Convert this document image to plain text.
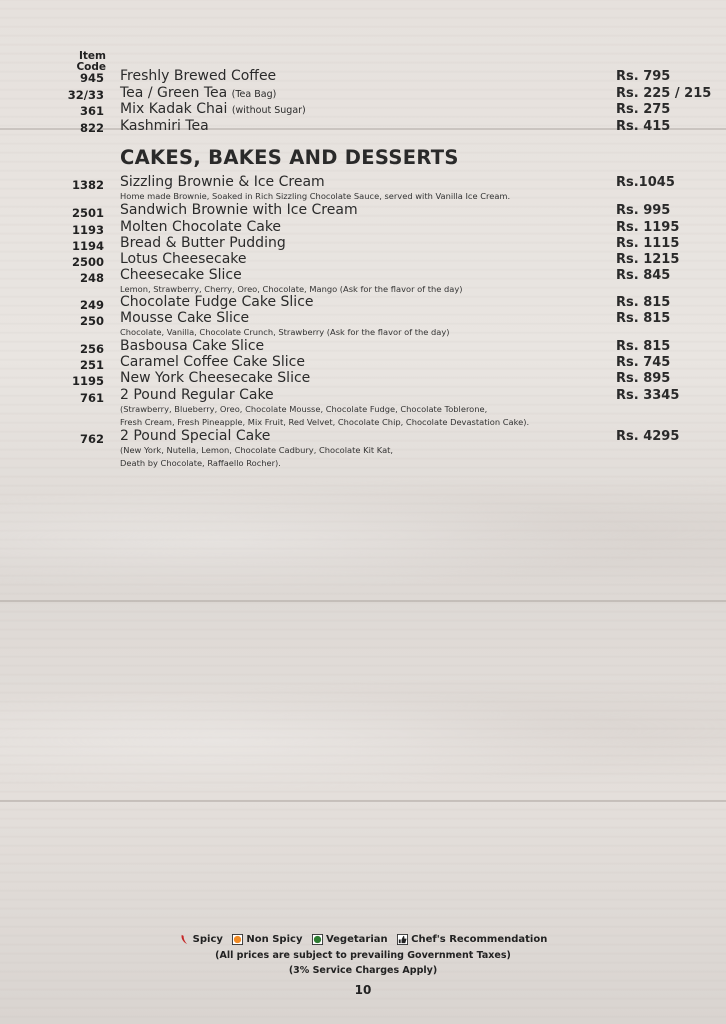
Item
Code
945 Freshly Brewed Coffee	Rs. 795
32/33 Tea / Green Tea (Tea Bag)	Rs. 225 / 215
361 Mix Kadak Chai (without Sugar)	Rs. 275
822 Kashmiri Tea	Rs. 415
CAKES, BAKES AND DESSERTS
1382 Sizzling Brownie & Ice Cream	Rs.1045
Home made Brownie, Soaked in Rich Sizzling Chocolate Sauce, served with Vanilla Ice Cream.
2501 Sandwich Brownie with Ice Cream	Rs. 995
1193 Molten Chocolate Cake	Rs. 1195
1194 Bread & Butter Pudding	Rs. 1115
2500 Lotus Cheesecake	Rs. 1215
248 Cheesecake Slice	Rs. 845
Lemon, Strawberry, Cherry, Oreo, Chocolate, Mango (Ask for the flavor of the day)
249 Chocolate Fudge Cake Slice	Rs. 815
250 Mousse Cake Slice	Rs. 815
Chocolate, Vanilla, Chocolate Crunch, Strawberry (Ask for the flavor of the day)
256 Basbousa Cake Slice	Rs. 815
251 Caramel Coffee Cake Slice	Rs. 745
1195 New York Cheesecake Slice	Rs. 895
761 2 Pound Regular Cake	Rs. 3345
(Strawberry, Blueberry, Oreo, Chocolate Mousse, Chocolate Fudge, Chocolate Toblerone,
Fresh Cream, Fresh Pineapple, Mix Fruit, Red Velvet, Chocolate Chip, Chocolate Devastation Cake).
762 2 Pound Special Cake	Rs. 4295
(New York, Nutella, Lemon, Chocolate Cadbury, Chocolate Kit Kat,
Death by Chocolate, Raffaello Rocher).
Spicy
Non Spicy
Vegetarian
Chef's Recommendation
(All prices are subject to prevailing Government Taxes)
(3% Service Charges Apply)
10
